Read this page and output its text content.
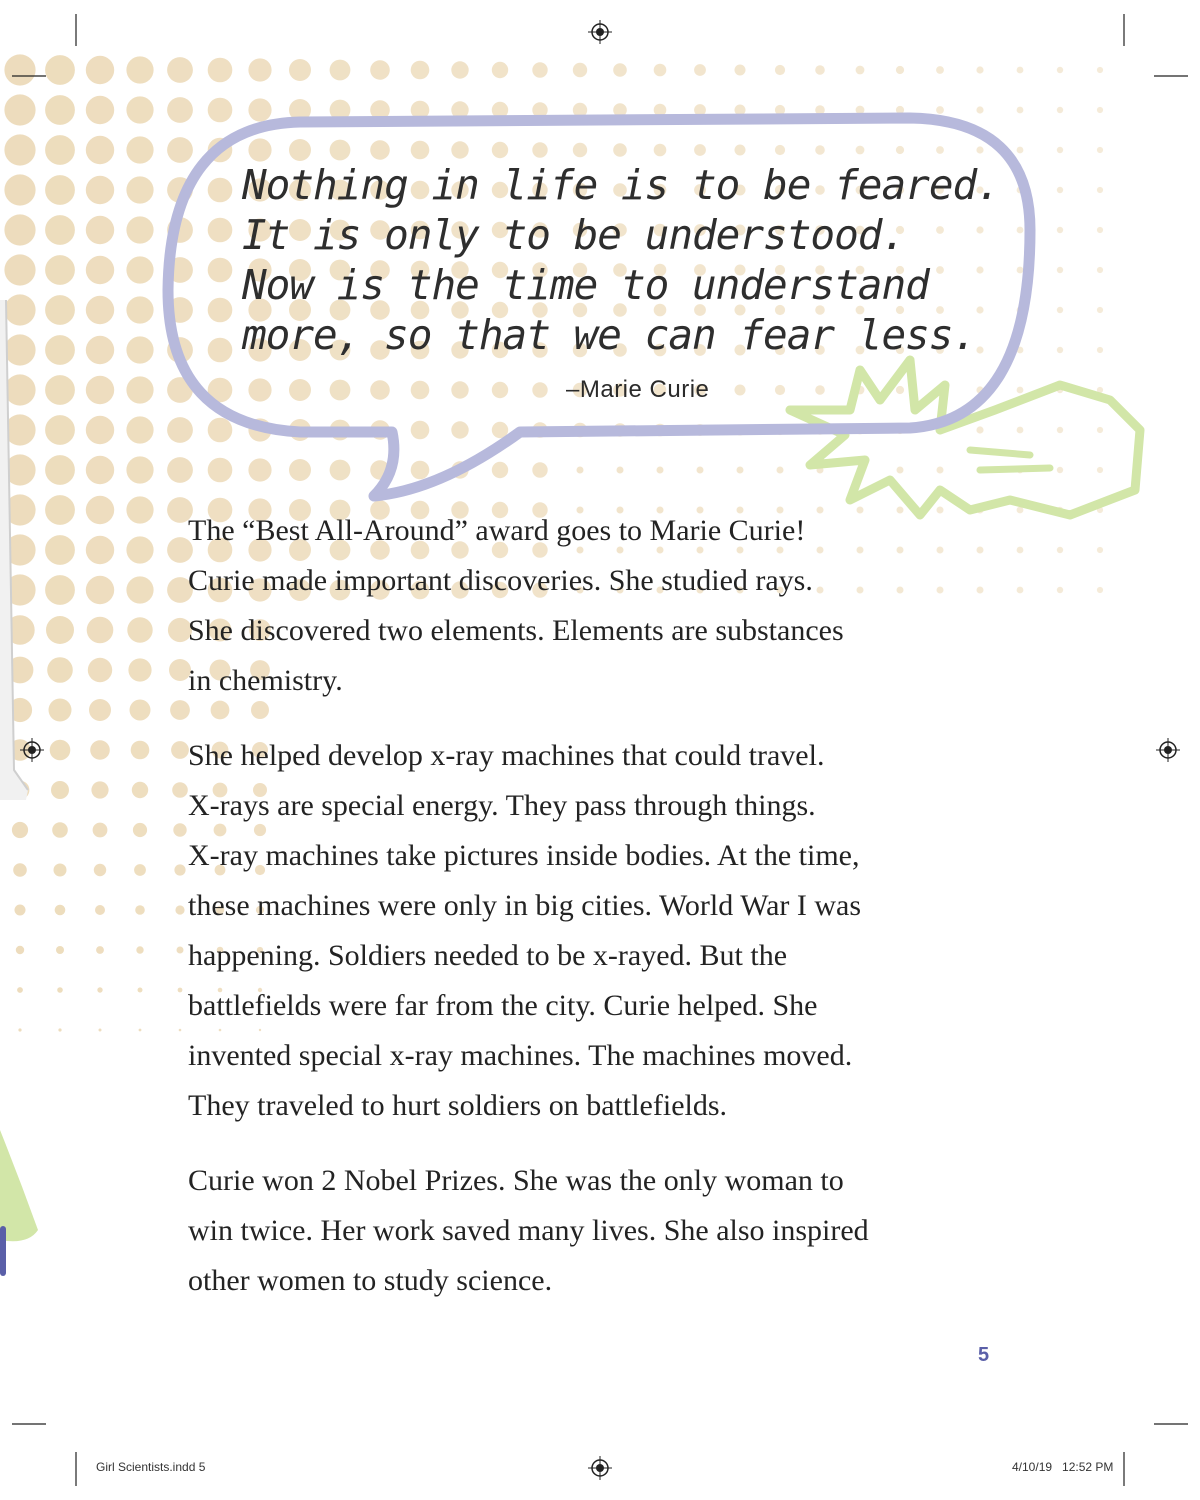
Nothing in life is to be feared.
It is only to be understood.
Now is the time to understand
more, so that we can fear less.
–Marie Curie

The “Best All-Around” award goes to Marie Curie!
Curie made important discoveries. She studied rays.
She discovered two elements. Elements are substances
in chemistry.

She helped develop x-ray machines that could travel.
X-rays are special energy. They pass through things.
X-ray machines take pictures inside bodies. At the time,
these machines were only in big cities. World War I was
happening. Soldiers needed to be x-rayed. But the
battlefields were far from the city. Curie helped. She
invented special x-ray machines. The machines moved.
They traveled to hurt soldiers on battlefields.

Curie won 2 Nobel Prizes. She was the only woman to
win twice. Her work saved many lives. She also inspired
other women to study science.

5
Girl Scientists.indd 5	4/10/19   12:52 PM
